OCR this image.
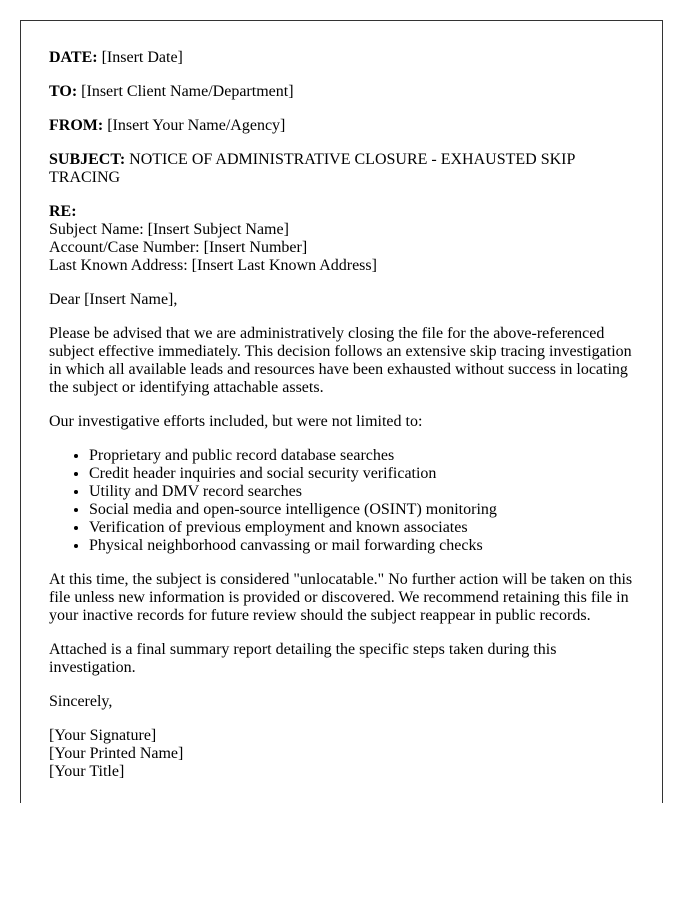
DATE: [Insert Date]

TO: [Insert Client Name/Department]

FROM: [Insert Your Name/Agency]

SUBJECT: NOTICE OF ADMINISTRATIVE CLOSURE - EXHAUSTED SKIP TRACING

RE:
Subject Name: [Insert Subject Name]
Account/Case Number: [Insert Number]
Last Known Address: [Insert Last Known Address]

Dear [Insert Name],

Please be advised that we are administratively closing the file for the above-referenced subject effective immediately. This decision follows an extensive skip tracing investigation in which all available leads and resources have been exhausted without success in locating the subject or identifying attachable assets.

Our investigative efforts included, but were not limited to:

• Proprietary and public record database searches
• Credit header inquiries and social security verification
• Utility and DMV record searches
• Social media and open-source intelligence (OSINT) monitoring
• Verification of previous employment and known associates
• Physical neighborhood canvassing or mail forwarding checks

At this time, the subject is considered "unlocatable." No further action will be taken on this file unless new information is provided or discovered. We recommend retaining this file in your inactive records for future review should the subject reappear in public records.

Attached is a final summary report detailing the specific steps taken during this investigation.

Sincerely,

[Your Signature]
[Your Printed Name]
[Your Title]
